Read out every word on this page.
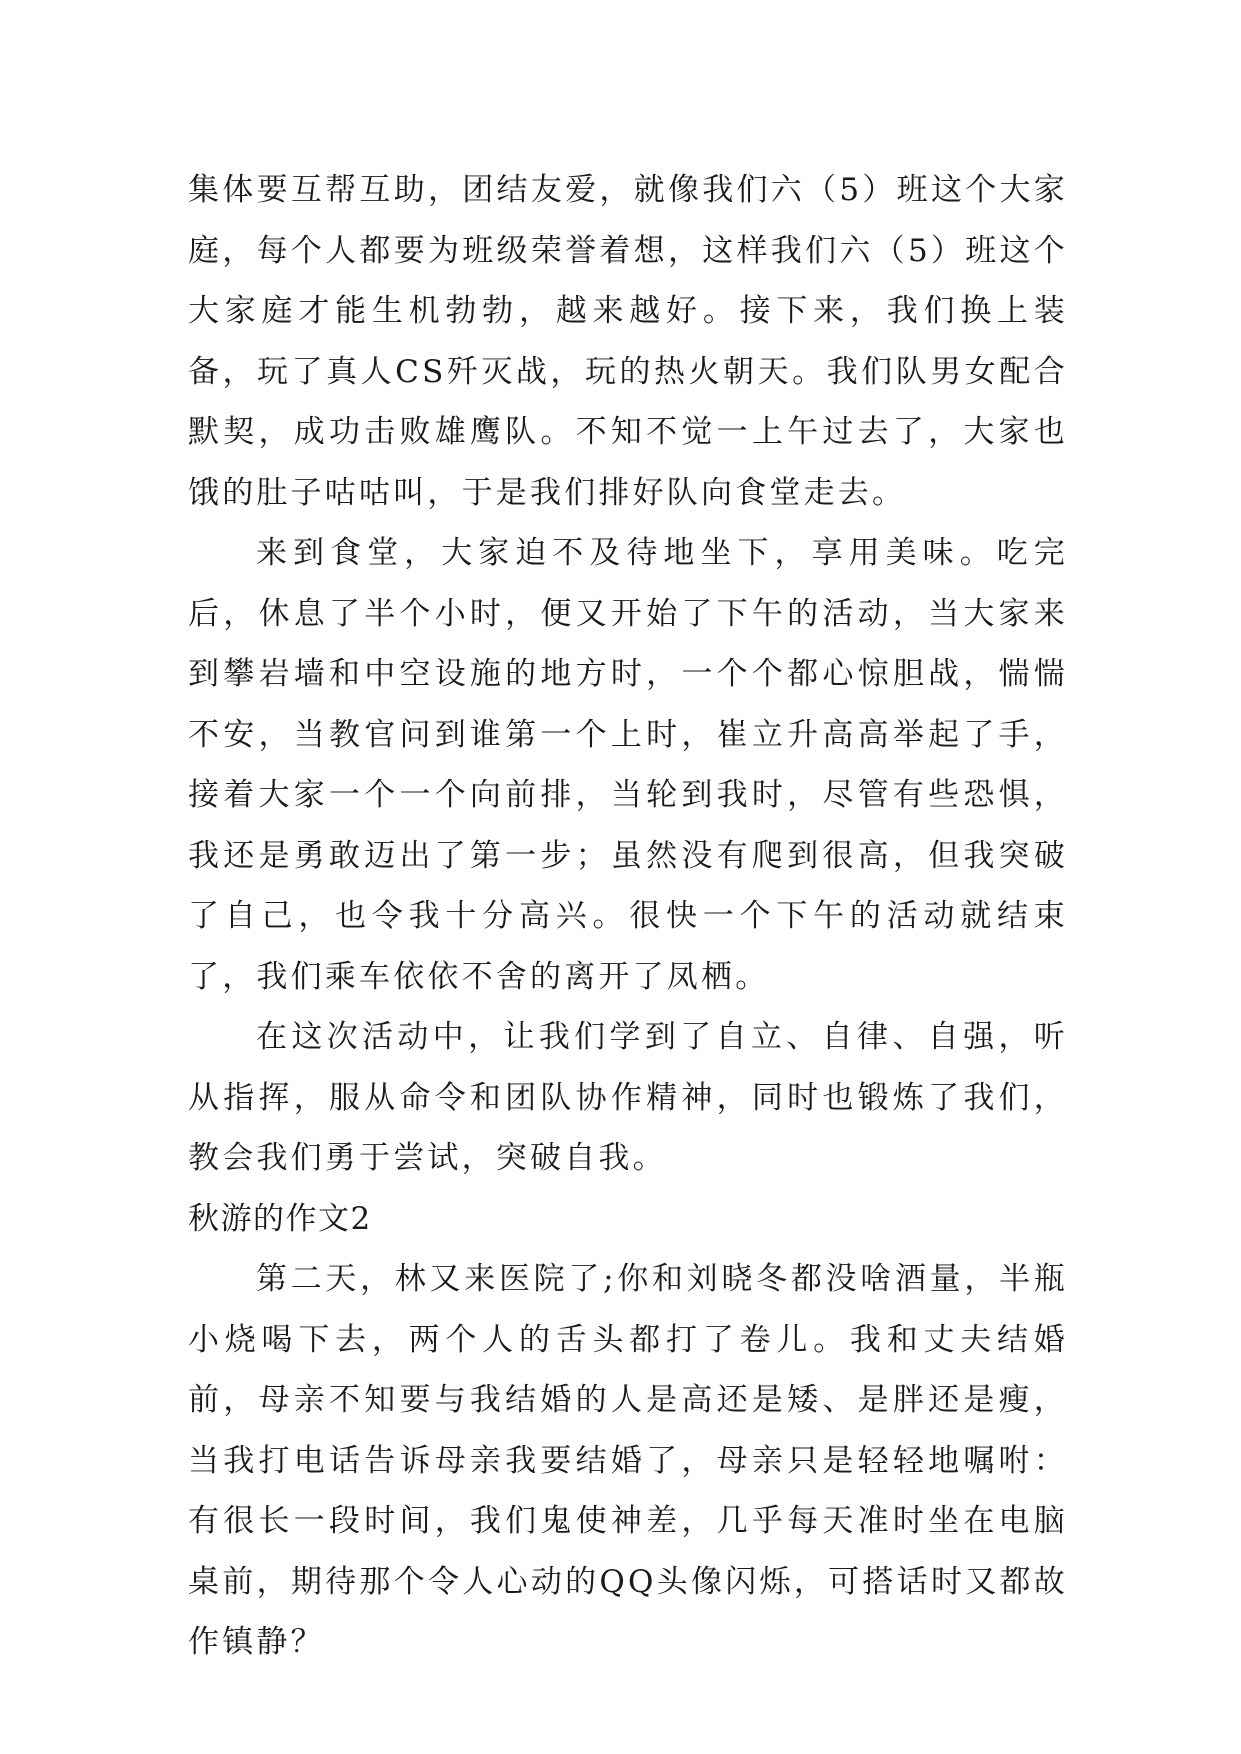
集体要互帮互助，团结友爱，就像我们六（5）班这个大家庭，每个人都要为班级荣誉着想，这样我们六（5）班这个大家庭才能生机勃勃，越来越好。接下来，我们换上装备，玩了真人CS歼灭战，玩的热火朝天。我们队男女配合默契，成功击败雄鹰队。不知不觉一上午过去了，大家也饿的肚子咕咕叫，于是我们排好队向食堂走去。

来到食堂，大家迫不及待地坐下，享用美味。吃完后，休息了半个小时，便又开始了下午的活动，当大家来到攀岩墙和中空设施的地方时，一个个都心惊胆战，惴惴不安，当教官问到谁第一个上时，崔立升高高举起了手，接着大家一个一个向前排，当轮到我时，尽管有些恐惧，我还是勇敢迈出了第一步；虽然没有爬到很高，但我突破了自己，也令我十分高兴。很快一个下午的活动就结束了，我们乘车依依不舍的离开了凤栖。

在这次活动中，让我们学到了自立、自律、自强，听从指挥，服从命令和团队协作精神，同时也锻炼了我们，教会我们勇于尝试，突破自我。

秋游的作文2

第二天，林又来医院了;你和刘晓冬都没啥酒量，半瓶小烧喝下去，两个人的舌头都打了卷儿。我和丈夫结婚前，母亲不知要与我结婚的人是高还是矮、是胖还是瘦，当我打电话告诉母亲我要结婚了，母亲只是轻轻地嘱咐：有很长一段时间，我们鬼使神差，几乎每天准时坐在电脑桌前，期待那个令人心动的QQ头像闪烁，可搭话时又都故作镇静？
